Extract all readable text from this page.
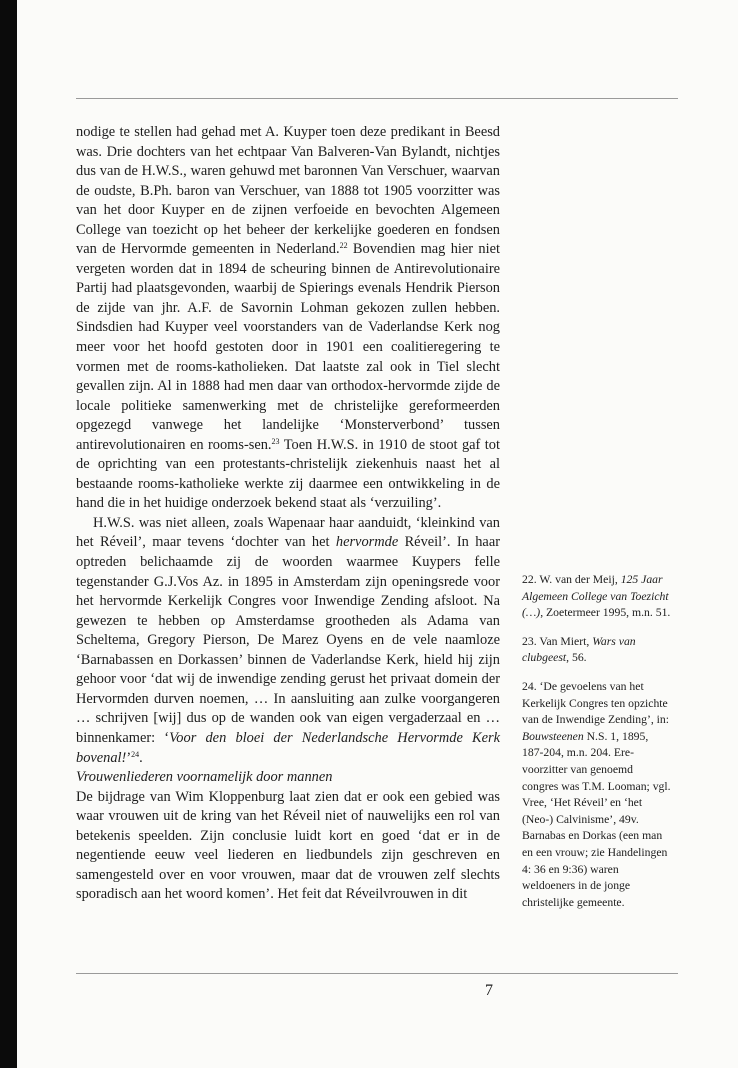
nodige te stellen had gehad met A. Kuyper toen deze predikant in Beesd was. Drie dochters van het echtpaar Van Balveren-Van Bylandt, nichtjes dus van de H.W.S., waren gehuwd met baronnen Van Verschuer, waarvan de oudste, B.Ph. baron van Verschuer, van 1888 tot 1905 voorzitter was van het door Kuyper en de zijnen verfoeide en bevochten Algemeen College van toezicht op het beheer der kerkelijke goederen en fondsen van de Hervormde gemeenten in Nederland.$^{22}$ Bovendien mag hier niet vergeten worden dat in 1894 de scheuring binnen de Antirevolutionaire Partij had plaatsgevonden, waarbij de Spierings evenals Hendrik Pierson de zijde van jhr. A.F. de Savornin Lohman gekozen zullen hebben. Sindsdien had Kuyper veel voorstanders van de Vaderlandse Kerk nog meer voor het hoofd gestoten door in 1901 een coalitieregering te vormen met de rooms-katholieken. Dat laatste zal ook in Tiel slecht gevallen zijn. Al in 1888 had men daar van orthodox-hervormde zijde de locale politieke samenwerking met de christelijke gereformeerden opgezegd vanwege het landelijke ‘Monsterverbond’ tussen antirevolutionairen en rooms-sen.$^{23}$ Toen H.W.S. in 1910 de stoot gaf tot de oprichting van een protestants-christelijk ziekenhuis naast het al bestaande rooms-katholieke werkte zij daarmee een ontwikkeling in de hand die in het huidige onderzoek bekend staat als ‘verzuiling’.

H.W.S. was niet alleen, zoals Wapenaar haar aanduidt, ‘kleinkind van het Réveil’, maar tevens ‘dochter van het hervormde Réveil’. In haar optreden belichaamde zij de woorden waarmee Kuypers felle tegenstander G.J.Vos Az. in 1895 in Amsterdam zijn openingsrede voor het hervormde Kerkelijk Congres voor Inwendige Zending afsloot. Na gewezen te hebben op Amsterdamse grootheden als Adama van Scheltema, Gregory Pierson, De Marez Oyens en de vele naamloze ‘Barnabassen en Dorkassen’ binnen de Vaderlandse Kerk, hield hij zijn gehoor voor ‘dat wij de inwendige zending gerust het privaat domein der Hervormden durven noemen, … In aansluiting aan zulke voorgangeren … schrijven [wij] dus op de wanden ook van eigen vergaderzaal en … binnenkamer: ‘Voor den bloei der Nederlandsche Hervormde Kerk bovenal!’$^{24}$.

Vrouwenliederen voornamelijk door mannen

De bijdrage van Wim Kloppenburg laat zien dat er ook een gebied was waar vrouwen uit de kring van het Réveil niet of nauwelijks een rol van betekenis speelden. Zijn conclusie luidt kort en goed ‘dat er in de negentiende eeuw veel liederen en liedbundels zijn geschreven en samengesteld over en voor vrouwen, maar dat de vrouwen zelf slechts sporadisch aan het woord komen’. Het feit dat Réveilvrouwen in dit

22. W. van der Meij, 125 Jaar Algemeen College van Toezicht (…), Zoetermeer 1995, m.n. 51.

23. Van Miert, Wars van clubgeest, 56.

24. ‘De gevoelens van het Kerkelijk Congres ten opzichte van de Inwendige Zending’, in: Bouwsteenen N.S. 1, 1895, 187-204, m.n. 204. Ere-voorzitter van genoemd congres was T.M. Looman; vgl. Vree, ‘Het Réveil’ en ‘het (Neo-) Calvinisme’, 49v. Barnabas en Dorkas (een man en een vrouw; zie Handelingen 4: 36 en 9:36) waren weldoeners in de jonge christelijke gemeente.

7
